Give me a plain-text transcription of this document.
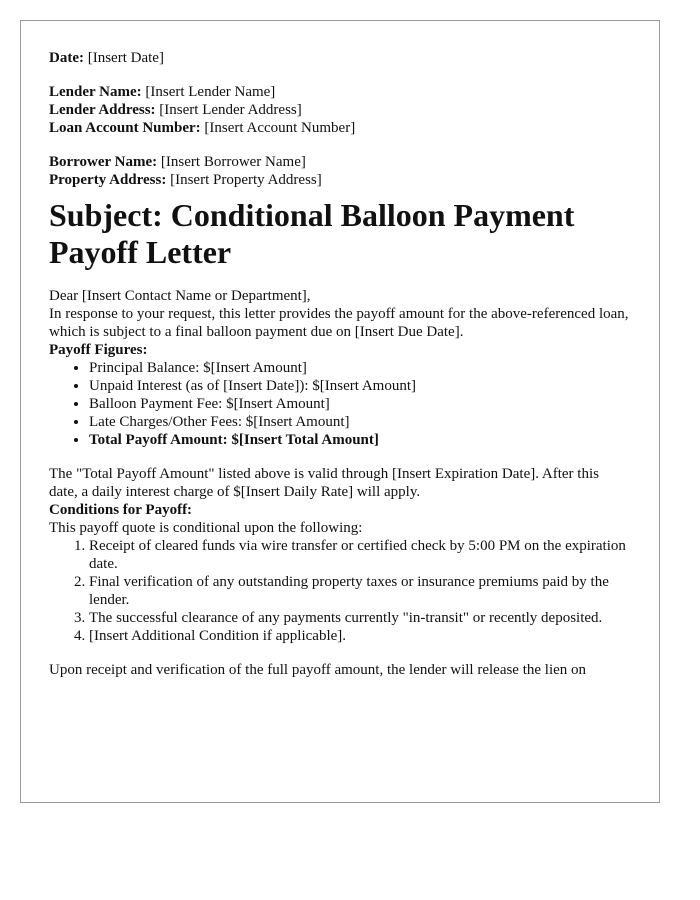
Date: [Insert Date]

Lender Name: [Insert Lender Name]

Lender Address: [Insert Lender Address]

Loan Account Number: [Insert Account Number]

Borrower Name: [Insert Borrower Name]

Property Address: [Insert Property Address]

Subject: Conditional Balloon Payment Payoff Letter

Dear [Insert Contact Name or Department],

In response to your request, this letter provides the payoff amount for the above-referenced loan, which is subject to a final balloon payment due on [Insert Due Date].

Payoff Figures:

• Principal Balance: $[Insert Amount]
• Unpaid Interest (as of [Insert Date]): $[Insert Amount]
• Balloon Payment Fee: $[Insert Amount]
• Late Charges/Other Fees: $[Insert Amount]
• Total Payoff Amount: $[Insert Total Amount]

The "Total Payoff Amount" listed above is valid through [Insert Expiration Date]. After this date, a daily interest charge of $[Insert Daily Rate] will apply.

Conditions for Payoff:

This payoff quote is conditional upon the following:

1. Receipt of cleared funds via wire transfer or certified check by 5:00 PM on the expiration date.
2. Final verification of any outstanding property taxes or insurance premiums paid by the lender.
3. The successful clearance of any payments currently "in-transit" or recently deposited.
4. [Insert Additional Condition if applicable].

Upon receipt and verification of the full payoff amount, the lender will release the lien on
